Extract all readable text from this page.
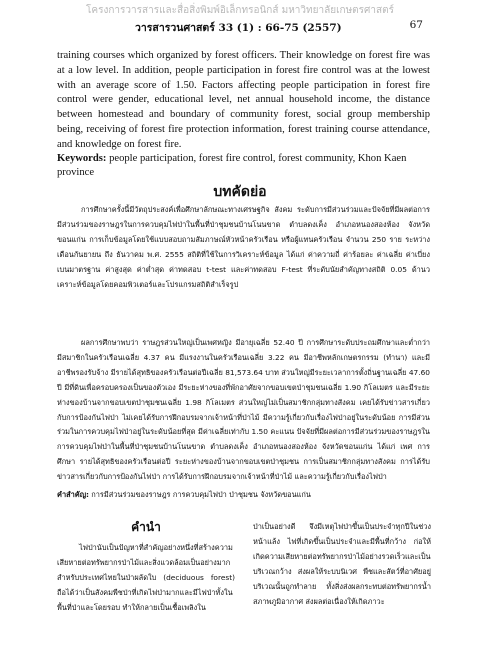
โครงการวารสารและสื่อสิ่งพิมพ์อิเล็กทรอนิกส์ มหาวิทยาลัยเกษตรศาสตร์
วารสารวนศาสตร์ 33 (1) : 66-75 (2557)	67

training courses which organized by forest officers. Their knowledge on forest fire was at a low level. In addition, people participation in forest fire control was at the lowest with an average score of 1.50. Factors affecting people participation in forest fire control were gender, educational level, net annual household income, the distance between homestead and boundary of community forest, social group membership being, receiving of forest fire protection information, forest training course attendance, and knowledge on forest fire.

Keywords: people participation, forest fire control, forest community, Khon Kaen province

บทคัดย่อ

การศึกษาครั้งนี้มีวัตถุประสงค์เพื่อศึกษาลักษณะทางเศรษฐกิจ สังคม ระดับการมีส่วนร่วมและปัจจัยที่มีผลต่อการมีส่วนร่วมของราษฎรในการควบคุมไฟป่าในพื้นที่ป่าชุมชนบ้านโนนขาด ตำบลดงเค็ง อำเภอหนองสองห้อง จังหวัดขอนแก่น การเก็บข้อมูลโดยใช้แบบสอบถามสัมภาษณ์หัวหน้าครัวเรือน หรือผู้แทนครัวเรือน จำนวน 250 ราย ระหว่างเดือนกันยายน ถึง ธันวาคม พ.ศ. 2555 สถิติที่ใช้ในการวิเคราะห์ข้อมูล ได้แก่ ค่าความถี่ ค่าร้อยละ ค่าเฉลี่ย ค่าเบี่ยงเบนมาตรฐาน ค่าสูงสุด ค่าต่ำสุด ค่าทดสอบ t-test และค่าทดสอบ F-test ที่ระดับนัยสำคัญทางสถิติ 0.05 ด้านวเคราะห์ข้อมูลโดยคอมพิวเตอร์และโปรแกรมสถิติสำเร็จรูป

ผลการศึกษาพบว่า ราษฎรส่วนใหญ่เป็นเพศหญิง มีอายุเฉลี่ย 52.40 ปี การศึกษาระดับประถมศึกษาและต่ำกว่า มีสมาชิกในครัวเรือนเฉลี่ย 4.37 คน มีแรงงานในครัวเรือนเฉลี่ย 3.22 คน มีอาชีพหลักเกษตรกรรม (ทำนา) และมีอาชีพรองรับจ้าง มีรายได้สุทธิของครัวเรือนต่อปีเฉลี่ย 81,573.64 บาท ส่วนใหญ่มีระยะเวลาการตั้งถิ่นฐานเฉลี่ย 47.60 ปี มีที่ดินเพื่อครอบครองเป็นของตัวเอง มีระยะห่างของที่พักอาศัยจากขอบเขตป่าชุมชนเฉลี่ย 1.90 กิโลเมตร และมีระยะห่างของบ้านจากขอบเขตป่าชุมชนเฉลี่ย 1.98 กิโลเมตร ส่วนใหญ่ไม่เป็นสมาชิกกลุ่มทางสังคม เคยได้รับข่าวสารเกี่ยวกับการป้องกันไฟป่า ไม่เคยได้รับการฝึกอบรมจากเจ้าหน้าที่ป่าไม้ มีความรู้เกี่ยวกับเรื่องไฟป่าอยู่ในระดับน้อย การมีส่วนร่วมในการควบคุมไฟป่าอยู่ในระดับน้อยที่สุด มีค่าเฉลี่ยเท่ากับ 1.50 คะแนน ปัจจัยที่มีผลต่อการมีส่วนร่วมของราษฎรในการควบคุมไฟป่าในพื้นที่ป่าชุมชนบ้านโนนขาด ตำบลดงเค็ง อำเภอหนองสองห้อง จังหวัดขอนแก่น ได้แก่ เพศ การศึกษา รายได้สุทธิของครัวเรือนต่อปี ระยะห่างของบ้านจากขอบเขตป่าชุมชน การเป็นสมาชิกกลุ่มทางสังคม การได้รับข่าวสารเกี่ยวกับการป้องกันไฟป่า การได้รับการฝึกอบรมจากเจ้าหน้าที่ป่าไม้ และความรู้เกี่ยวกับเรื่องไฟป่า

คำสำคัญ: การมีส่วนร่วมของราษฎร การควบคุมไฟป่า ป่าชุมชน จังหวัดขอนแก่น

คำนำ

ไฟป่านับเป็นปัญหาที่สำคัญอย่างหนึ่งที่สร้างความเสียหายต่อทรัพยากรป่าไม้และสิ่งแวดล้อมเป็นอย่างมาก สำหรับประเทศไทยในป่าผลัดใบ (deciduous forest) ถือได้ว่าเป็นสังคมพืชป่าที่เกิดไฟป่ามากและมีไฟป่าทั้งในพื้นที่ป่าและโดยรอบ ทำให้กลายเป็นเชื้อเพลิงใน

ป่าเป็นอย่างดี จึงมีเหตุไฟป่าขึ้นเป็นประจำทุกปีในช่วงหน้าแล้ง ไฟที่เกิดขึ้นเป็นประจำและมีพื้นที่กว้าง ก่อให้เกิดความเสียหายต่อทรัพยากรป่าไม้อย่างรวดเร็วและเป็นบริเวณกว้าง ส่งผลให้ระบบนิเวศ พืชและสัตว์ที่อาศัยอยู่บริเวณนั้นถูกทำลาย ทั้งสิ่งส่งผลกระทบต่อทรัพยากรน้ำ สภาพภูมิอากาศ ส่งผลต่อเนื่องให้เกิดภาวะ
